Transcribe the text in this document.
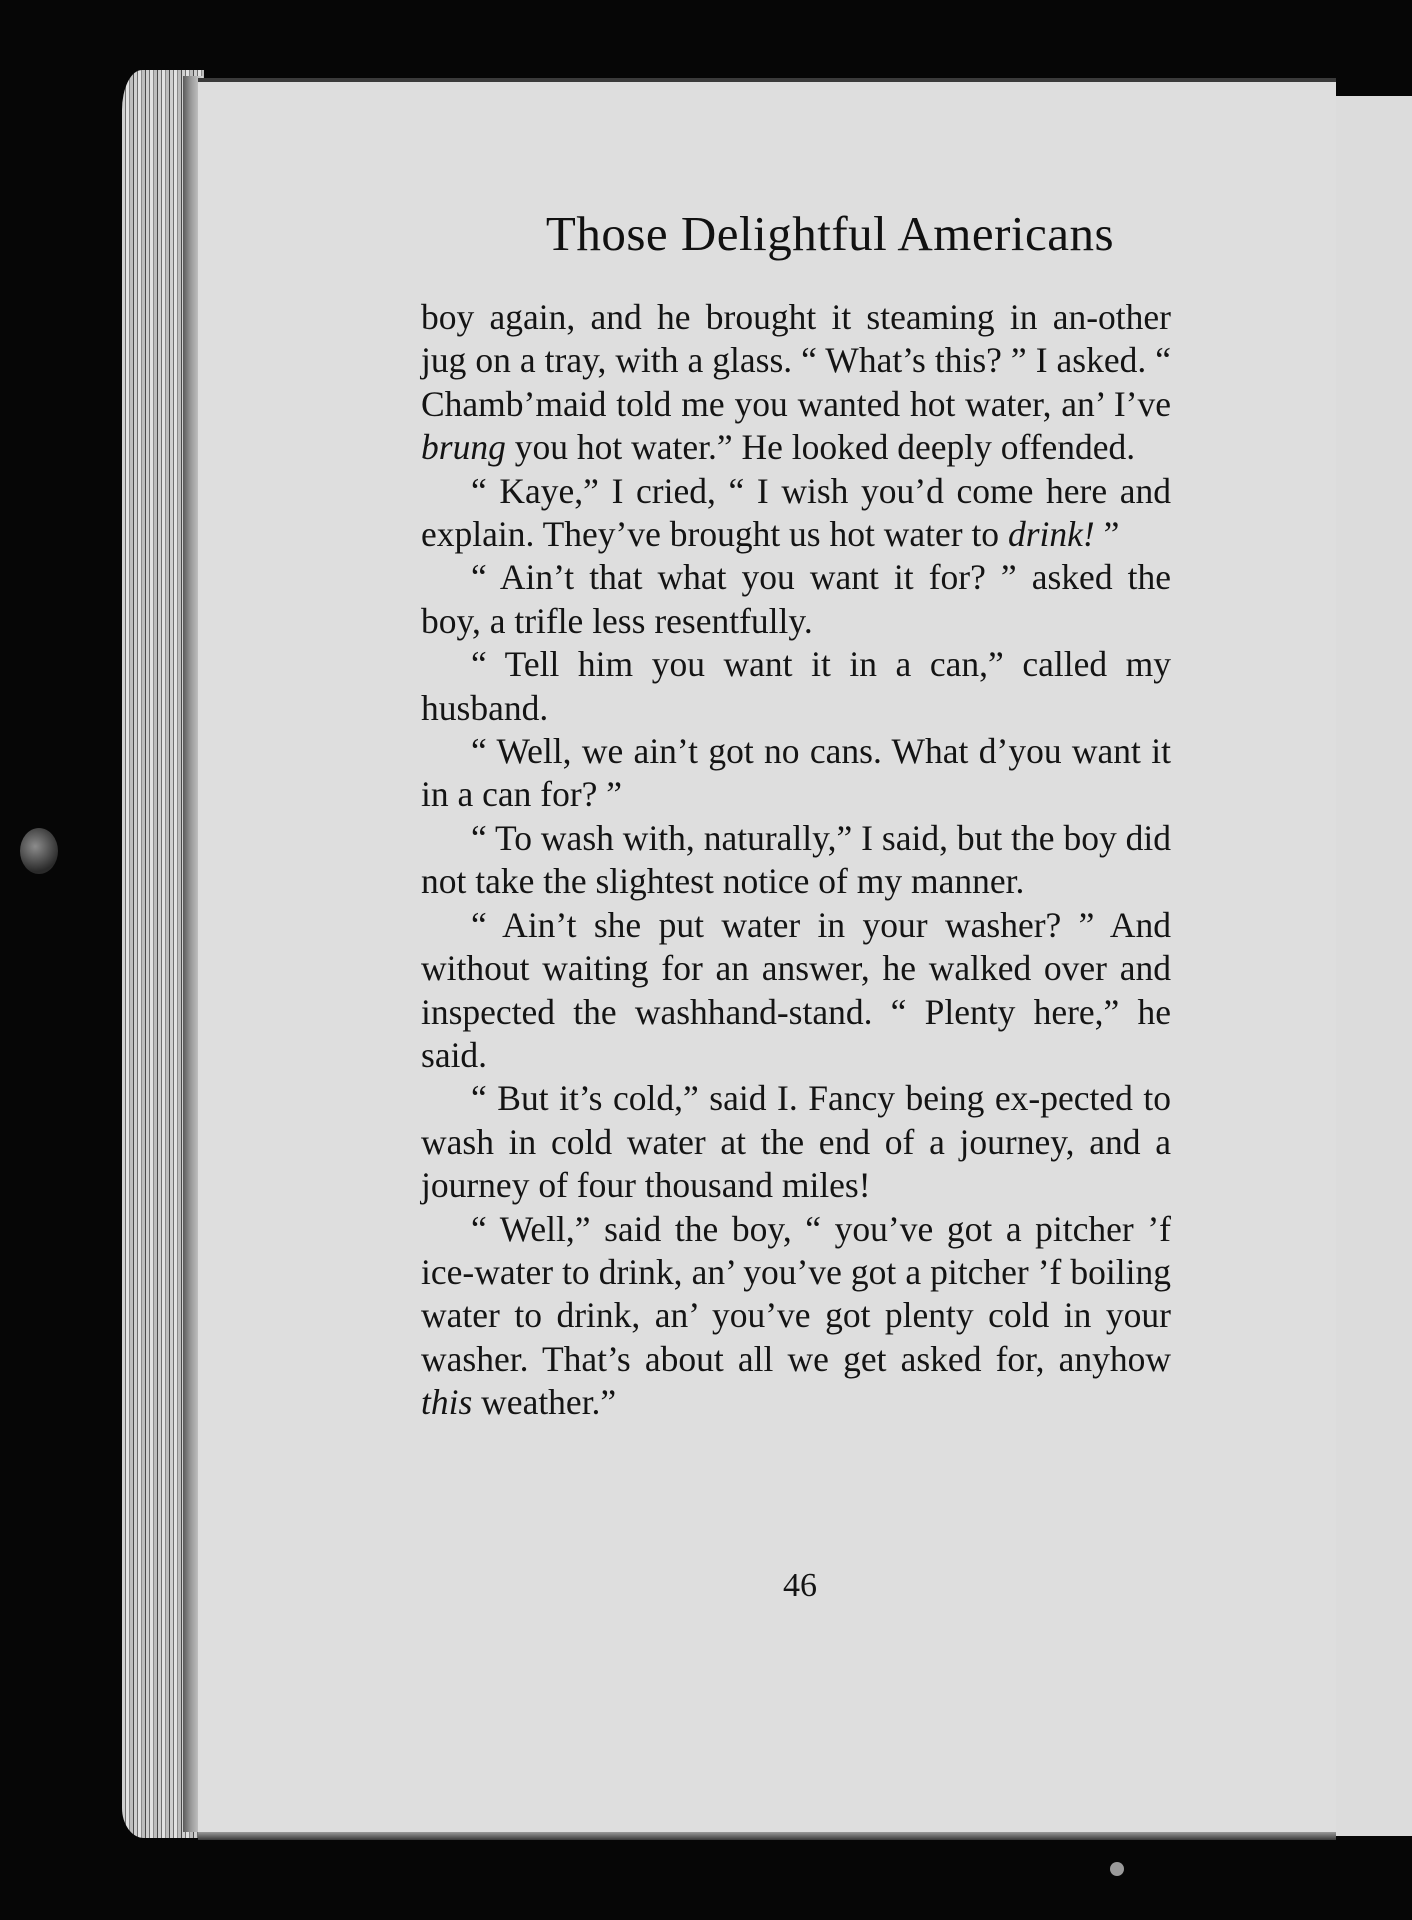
Those Delightful Americans

boy again, and he brought it steaming in an-other jug on a tray, with a glass. “ What’s this? ” I asked. “ Chamb’maid told me you wanted hot water, an’ I’ve brung you hot water.” He looked deeply offended.

“ Kaye,” I cried, “ I wish you’d come here and explain. They’ve brought us hot water to drink! ”

“ Ain’t that what you want it for? ” asked the boy, a trifle less resentfully.

“ Tell him you want it in a can,” called my husband.

“ Well, we ain’t got no cans. What d’you want it in a can for? ”

“ To wash with, naturally,” I said, but the boy did not take the slightest notice of my manner.

“ Ain’t she put water in your washer? ” And without waiting for an answer, he walked over and inspected the washhand-stand. “ Plenty here,” he said.

“ But it’s cold,” said I. Fancy being ex-pected to wash in cold water at the end of a journey, and a journey of four thousand miles!

“ Well,” said the boy, “ you’ve got a pitcher ’f ice-water to drink, an’ you’ve got a pitcher ’f boiling water to drink, an’ you’ve got plenty cold in your washer. That’s about all we get asked for, anyhow this weather.”

46
